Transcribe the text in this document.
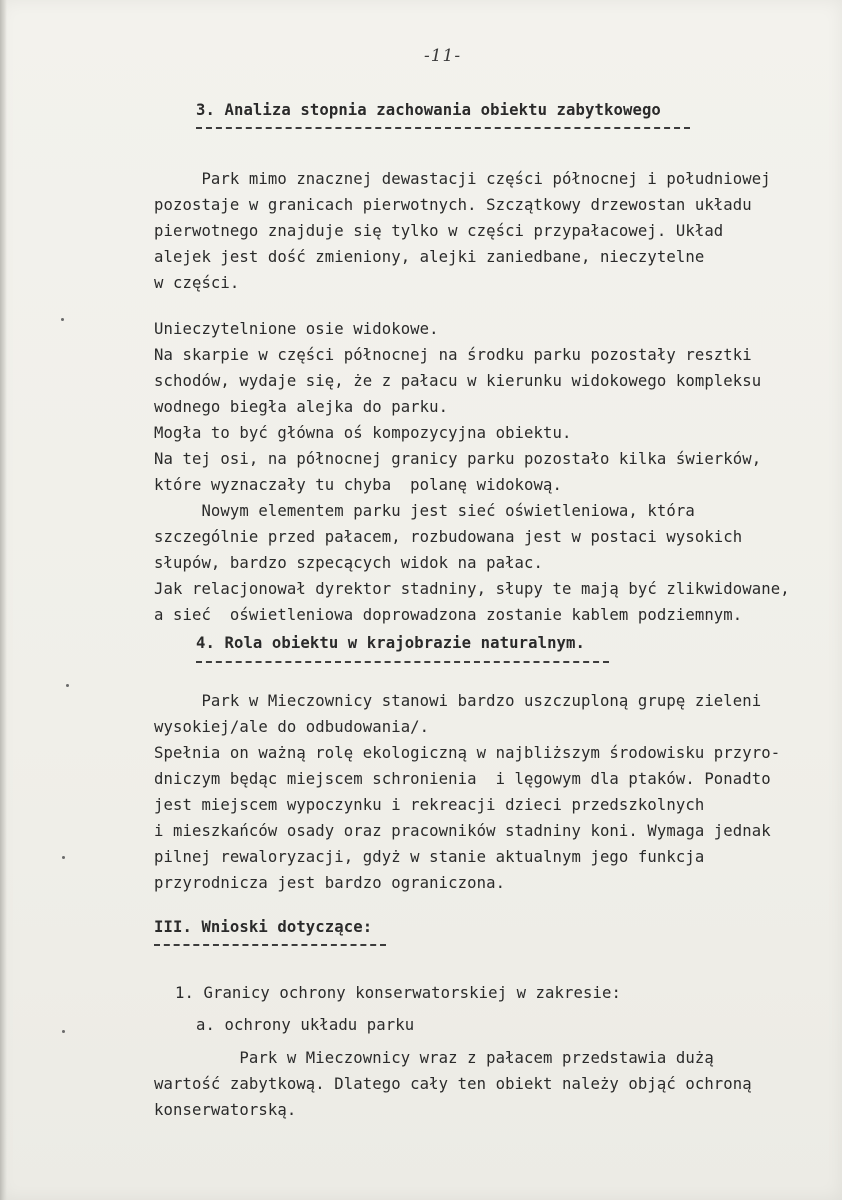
-11-
3. Analiza stopnia zachowania obiektu zabytkowego
Park mimo znacznej dewastacji części północnej i południowej
pozostaje w granicach pierwotnych. Szczątkowy drzewostan układu
pierwotnego znajduje się tylko w części przypałacowej. Układ
alejek jest dość zmieniony, alejki zaniedbane, nieczytelne
w części.
Unieczytelnione osie widokowe.
Na skarpie w części północnej na środku parku pozostały resztki
schodów, wydaje się, że z pałacu w kierunku widokowego kompleksu
wodnego biegła alejka do parku.
Mogła to być główna oś kompozycyjna obiektu.
Na tej osi, na północnej granicy parku pozostało kilka świerków,
które wyznaczały tu chyba  polanę widokową.
Nowym elementem parku jest sieć oświetleniowa, która
szczególnie przed pałacem, rozbudowana jest w postaci wysokich
słupów, bardzo szpecących widok na pałac.
Jak relacjonował dyrektor stadniny, słupy te mają być zlikwidowane,
a sieć  oświetleniowa doprowadzona zostanie kablem podziemnym.
4. Rola obiektu w krajobrazie naturalnym.
Park w Mieczownicy stanowi bardzo uszczuploną grupę zieleni
wysokiej/ale do odbudowania/.
Spełnia on ważną rolę ekologiczną w najbliższym środowisku przyro-
dniczym będąc miejscem schronienia  i lęgowym dla ptaków. Ponadto
jest miejscem wypoczynku i rekreacji dzieci przedszkolnych
i mieszkańców osady oraz pracowników stadniny koni. Wymaga jednak
pilnej rewaloryzacji, gdyż w stanie aktualnym jego funkcja
przyrodnicza jest bardzo ograniczona.
III. Wnioski dotyczące:
1. Granicy ochrony konserwatorskiej w zakresie:
a. ochrony układu parku
Park w Mieczownicy wraz z pałacem przedstawia dużą
wartość zabytkową. Dlatego cały ten obiekt należy objąć ochroną
konserwatorską.
